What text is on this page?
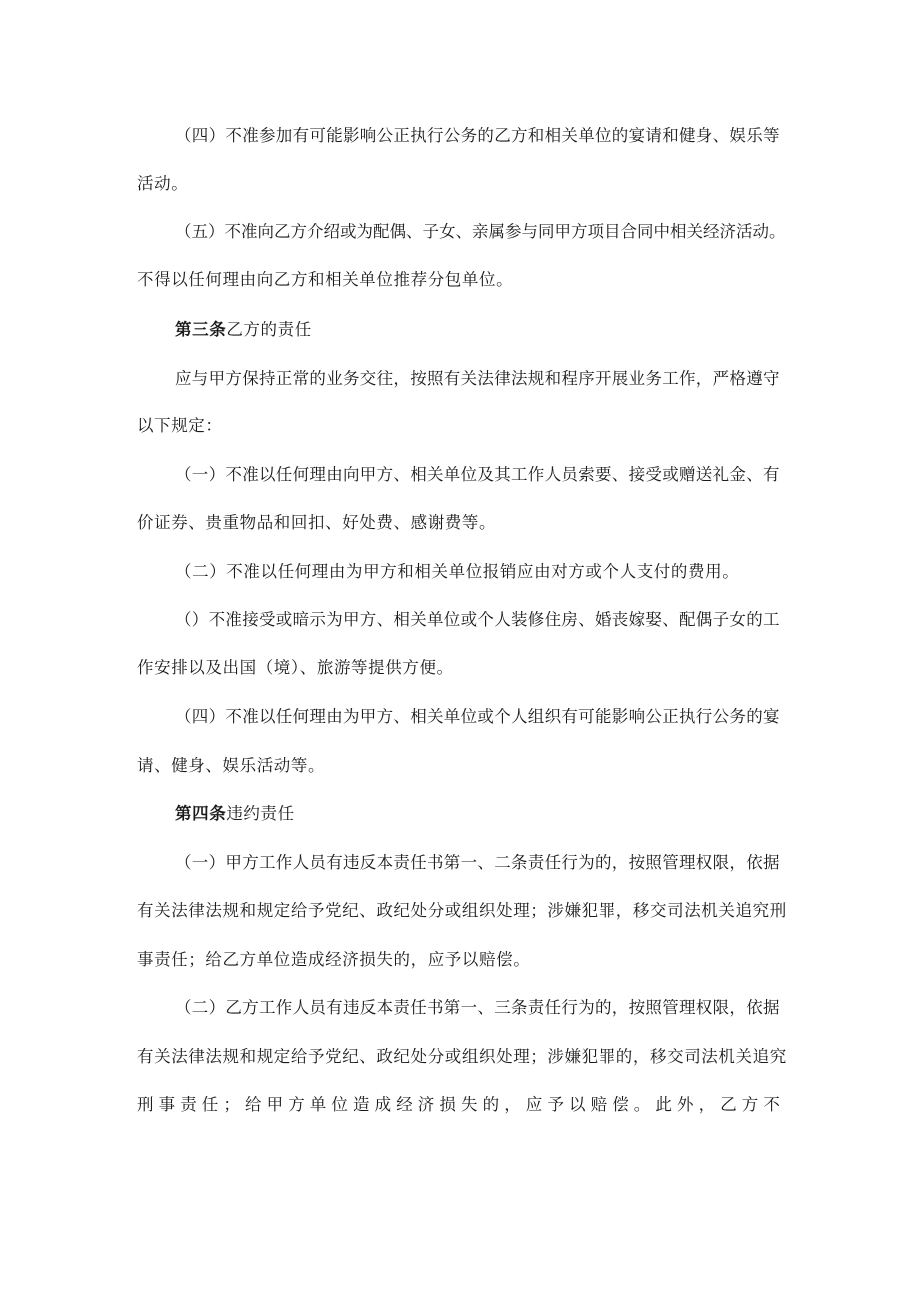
（四）不准参加有可能影响公正执行公务的乙方和相关单位的宴请和健身、娱乐等
活动。
（五）不准向乙方介绍或为配偶、子女、亲属参与同甲方项目合同中相关经济活动。
不得以任何理由向乙方和相关单位推荐分包单位。
第三条乙方的责任
应与甲方保持正常的业务交往，按照有关法律法规和程序开展业务工作，严格遵守
以下规定：
（一）不准以任何理由向甲方、相关单位及其工作人员索要、接受或赠送礼金、有
价证券、贵重物品和回扣、好处费、感谢费等。
（二）不准以任何理由为甲方和相关单位报销应由对方或个人支付的费用。
（）不准接受或暗示为甲方、相关单位或个人装修住房、婚丧嫁娶、配偶子女的工
作安排以及出国（境）、旅游等提供方便。
（四）不准以任何理由为甲方、相关单位或个人组织有可能影响公正执行公务的宴
请、健身、娱乐活动等。
第四条违约责任
（一）甲方工作人员有违反本责任书第一、二条责任行为的，按照管理权限，依据
有关法律法规和规定给予党纪、政纪处分或组织处理；涉嫌犯罪，移交司法机关追究刑
事责任；给乙方单位造成经济损失的，应予以赔偿。
（二）乙方工作人员有违反本责任书第一、三条责任行为的，按照管理权限，依据
有关法律法规和规定给予党纪、政纪处分或组织处理；涉嫌犯罪的，移交司法机关追究
刑事责任；给甲方单位造成经济损失的，应予以赔偿。此外，乙方不
